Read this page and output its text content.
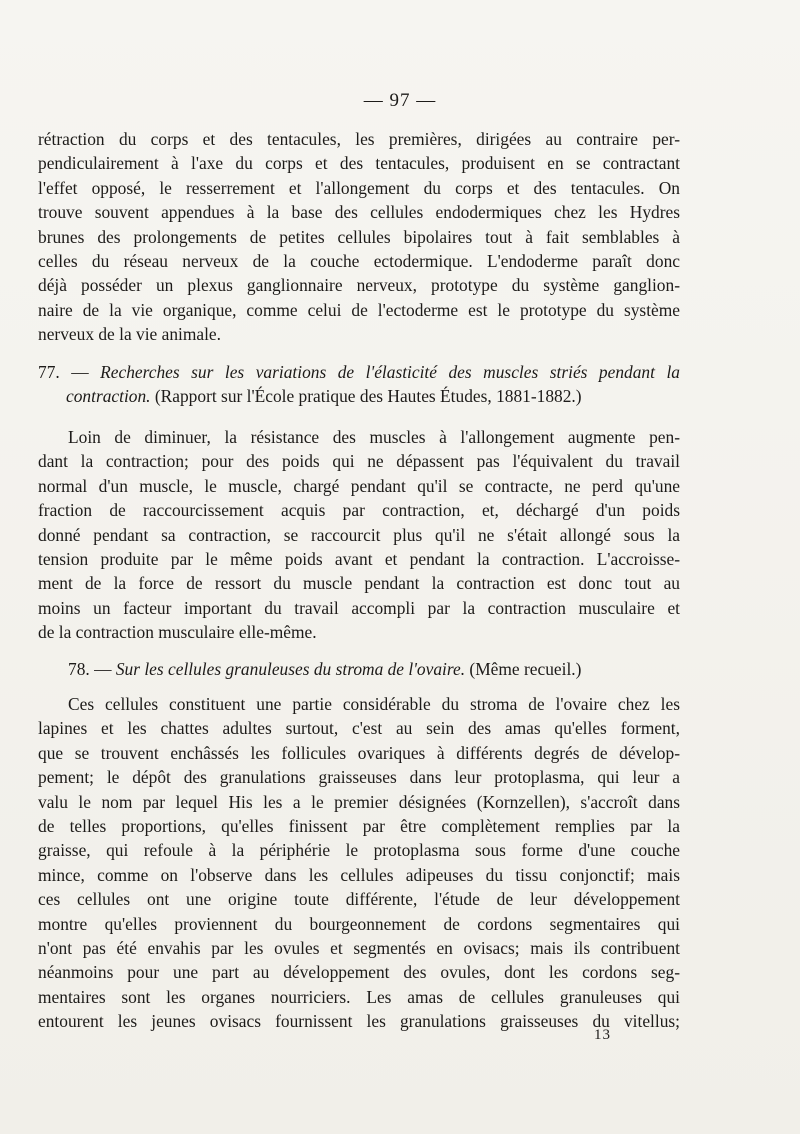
— 97 —
rétraction du corps et des tentacules, les premières, dirigées au contraire per-
pendiculairement à l'axe du corps et des tentacules, produisent en se contractant
l'effet opposé, le resserrement et l'allongement du corps et des tentacules. On
trouve souvent appendues à la base des cellules endodermiques chez les Hydres
brunes des prolongements de petites cellules bipolaires tout à fait semblables à
celles du réseau nerveux de la couche ectodermique. L'endoderme paraît donc
déjà posséder un plexus ganglionnaire nerveux, prototype du système ganglion-
naire de la vie organique, comme celui de l'ectoderme est le prototype du système
nerveux de la vie animale.
77. — Recherches sur les variations de l'élasticité des muscles striés pendant la
contraction. (Rapport sur l'École pratique des Hautes Études, 1881-1882.)
Loin de diminuer, la résistance des muscles à l'allongement augmente pen-
dant la contraction; pour des poids qui ne dépassent pas l'équivalent du travail
normal d'un muscle, le muscle, chargé pendant qu'il se contracte, ne perd qu'une
fraction de raccourcissement acquis par contraction, et, déchargé d'un poids
donné pendant sa contraction, se raccourcit plus qu'il ne s'était allongé sous la
tension produite par le même poids avant et pendant la contraction. L'accroisse-
ment de la force de ressort du muscle pendant la contraction est donc tout au
moins un facteur important du travail accompli par la contraction musculaire et
de la contraction musculaire elle-même.
78. — Sur les cellules granuleuses du stroma de l'ovaire. (Même recueil.)
Ces cellules constituent une partie considérable du stroma de l'ovaire chez les
lapines et les chattes adultes surtout, c'est au sein des amas qu'elles forment,
que se trouvent enchâssés les follicules ovariques à différents degrés de dévelop-
pement; le dépôt des granulations graisseuses dans leur protoplasma, qui leur a
valu le nom par lequel His les a le premier désignées (Kornzellen), s'accroît dans
de telles proportions, qu'elles finissent par être complètement remplies par la
graisse, qui refoule à la périphérie le protoplasma sous forme d'une couche
mince, comme on l'observe dans les cellules adipeuses du tissu conjonctif; mais
ces cellules ont une origine toute différente, l'étude de leur développement
montre qu'elles proviennent du bourgeonnement de cordons segmentaires qui
n'ont pas été envahis par les ovules et segmentés en ovisacs; mais ils contribuent
néanmoins pour une part au développement des ovules, dont les cordons seg-
mentaires sont les organes nourriciers. Les amas de cellules granuleuses qui
entourent les jeunes ovisacs fournissent les granulations graisseuses du vitellus;
13
